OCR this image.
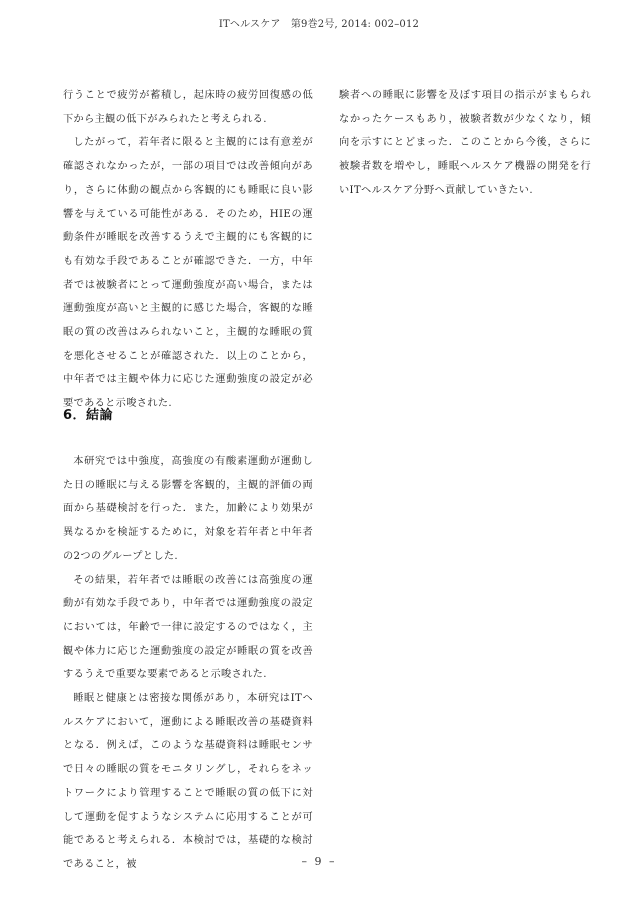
ITヘルスケア　第9巻2号, 2014: 002–012

行うことで疲労が蓄積し，起床時の疲労回復感の低下から主観の低下がみられたと考えられる.

したがって，若年者に限ると主観的には有意差が確認されなかったが，一部の項目では改善傾向があり，さらに体動の観点から客観的にも睡眠に良い影響を与えている可能性がある．そのため，HIEの運動条件が睡眠を改善するうえで主観的にも客観的にも有効な手段であることが確認できた．一方，中年者では被験者にとって運動強度が高い場合，または運動強度が高いと主観的に感じた場合，客観的な睡眠の質の改善はみられないこと，主観的な睡眠の質を悪化させることが確認された．以上のことから，中年者では主観や体力に応じた運動強度の設定が必要であると示唆された.

6．結論

本研究では中強度，高強度の有酸素運動が運動した日の睡眠に与える影響を客観的，主観的評価の両面から基礎検討を行った．また，加齢により効果が異なるかを検証するために，対象を若年者と中年者の2つのグループとした.

その結果，若年者では睡眠の改善には高強度の運動が有効な手段であり，中年者では運動強度の設定においては，年齢で一律に設定するのではなく，主観や体力に応じた運動強度の設定が睡眠の質を改善するうえで重要な要素であると示唆された.

睡眠と健康とは密接な関係があり，本研究はITヘルスケアにおいて，運動による睡眠改善の基礎資料となる．例えば，このような基礎資料は睡眠センサで日々の睡眠の質をモニタリングし，それらをネットワークにより管理することで睡眠の質の低下に対して運動を促すようなシステムに応用することが可能であると考えられる．本検討では，基礎的な検討であること，被

験者への睡眠に影響を及ぼす項目の指示がまもられなかったケースもあり，被験者数が少なくなり，傾向を示すにとどまった．このことから今後，さらに被験者数を増やし，睡眠ヘルスケア機器の開発を行いITヘルスケア分野へ貢献していきたい.

– 9 –
